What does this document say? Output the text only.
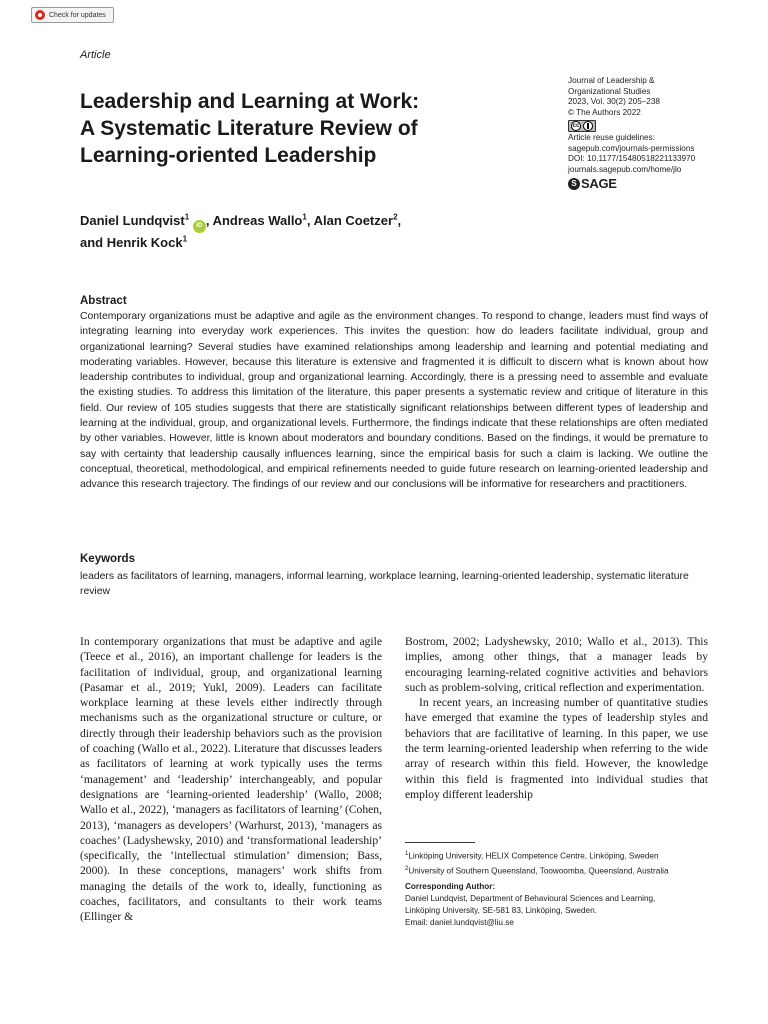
Check for updates
Article
Leadership and Learning at Work:
A Systematic Literature Review of
Learning-oriented Leadership
Journal of Leadership &
Organizational Studies
2023, Vol. 30(2) 205–238
© The Authors 2022
cc
Article reuse guidelines:
sagepub.com/journals-permissions
DOI: 10.1177/15480518221133970
journals.sagepub.com/home/jlo
S SAGE
Daniel Lundqvist$^1$ iD , Andreas Wallo$^1$, Alan Coetzer$^2$,
and Henrik Kock$^1$
Abstract
Contemporary organizations must be adaptive and agile as the environment changes. To respond to change, leaders must find ways of integrating learning into everyday work experiences. This invites the question: how do leaders facilitate individual, group and organizational learning? Several studies have examined relationships among leadership and learning and potential mediating and moderating variables. However, because this literature is extensive and fragmented it is difficult to discern what is known about how leadership contributes to individual, group and organizational learning. Accordingly, there is a pressing need to assemble and evaluate the existing studies. To address this limitation of the literature, this paper presents a systematic review and critique of literature in this field. Our review of 105 studies suggests that there are statistically significant relationships between different types of leadership and learning at the individual, group, and organizational levels. Furthermore, the findings indicate that these relationships are often mediated by other variables. However, little is known about moderators and boundary conditions. Based on the findings, it would be premature to say with certainty that leadership causally influences learning, since the empirical basis for such a claim is lacking. We outline the conceptual, theoretical, methodological, and empirical refinements needed to guide future research on learning-oriented leadership and advance this research trajectory. The findings of our review and our conclusions will be informative for researchers and practitioners.
Keywords
leaders as facilitators of learning, managers, informal learning, workplace learning, learning-oriented leadership, systematic literature review

In contemporary organizations that must be adaptive and agile (Teece et al., 2016), an important challenge for leaders is the facilitation of individual, group, and organizational learning (Pasamar et al., 2019; Yukl, 2009). Leaders can facilitate workplace learning at these levels either indirectly through mechanisms such as the organizational structure or culture, or directly through their leadership behaviors such as the provision of coaching (Wallo et al., 2022). Literature that discusses leaders as facilitators of learning at work typically uses the terms ‘management’ and ‘leadership’ interchangeably, and popular designations are ‘learning-oriented leadership’ (Wallo, 2008; Wallo et al., 2022), ‘managers as facilitators of learning’ (Cohen, 2013), ‘managers as developers’ (Warhurst, 2013), ‘managers as coaches’ (Ladyshewsky, 2010) and ‘transformational leadership’ (specifically, the ‘intellectual stimulation’ dimension; Bass, 2000). In these conceptions, managers’ work shifts from managing the details of the work to, ideally, functioning as coaches, facilitators, and consultants to their work teams (Ellinger &

Bostrom, 2002; Ladyshewsky, 2010; Wallo et al., 2013). This implies, among other things, that a manager leads by encouraging learning-related cognitive activities and behaviors such as problem-solving, critical reflection and experimentation.

In recent years, an increasing number of quantitative studies have emerged that examine the types of leadership styles and behaviors that are facilitative of learning. In this paper, we use the term learning-oriented leadership when referring to the wide array of research within this field. However, the knowledge within this field is fragmented into individual studies that employ different leadership

$^1$Linköping University, HELIX Competence Centre, Linköping, Sweden
$^2$University of Southern Queensland, Toowoomba, Queensland, Australia
Corresponding Author:
Daniel Lundqvist, Department of Behavioural Sciences and Learning,
Linköping University, SE-581 83, Linköping, Sweden.
Email: daniel.lundqvist@liu.se
